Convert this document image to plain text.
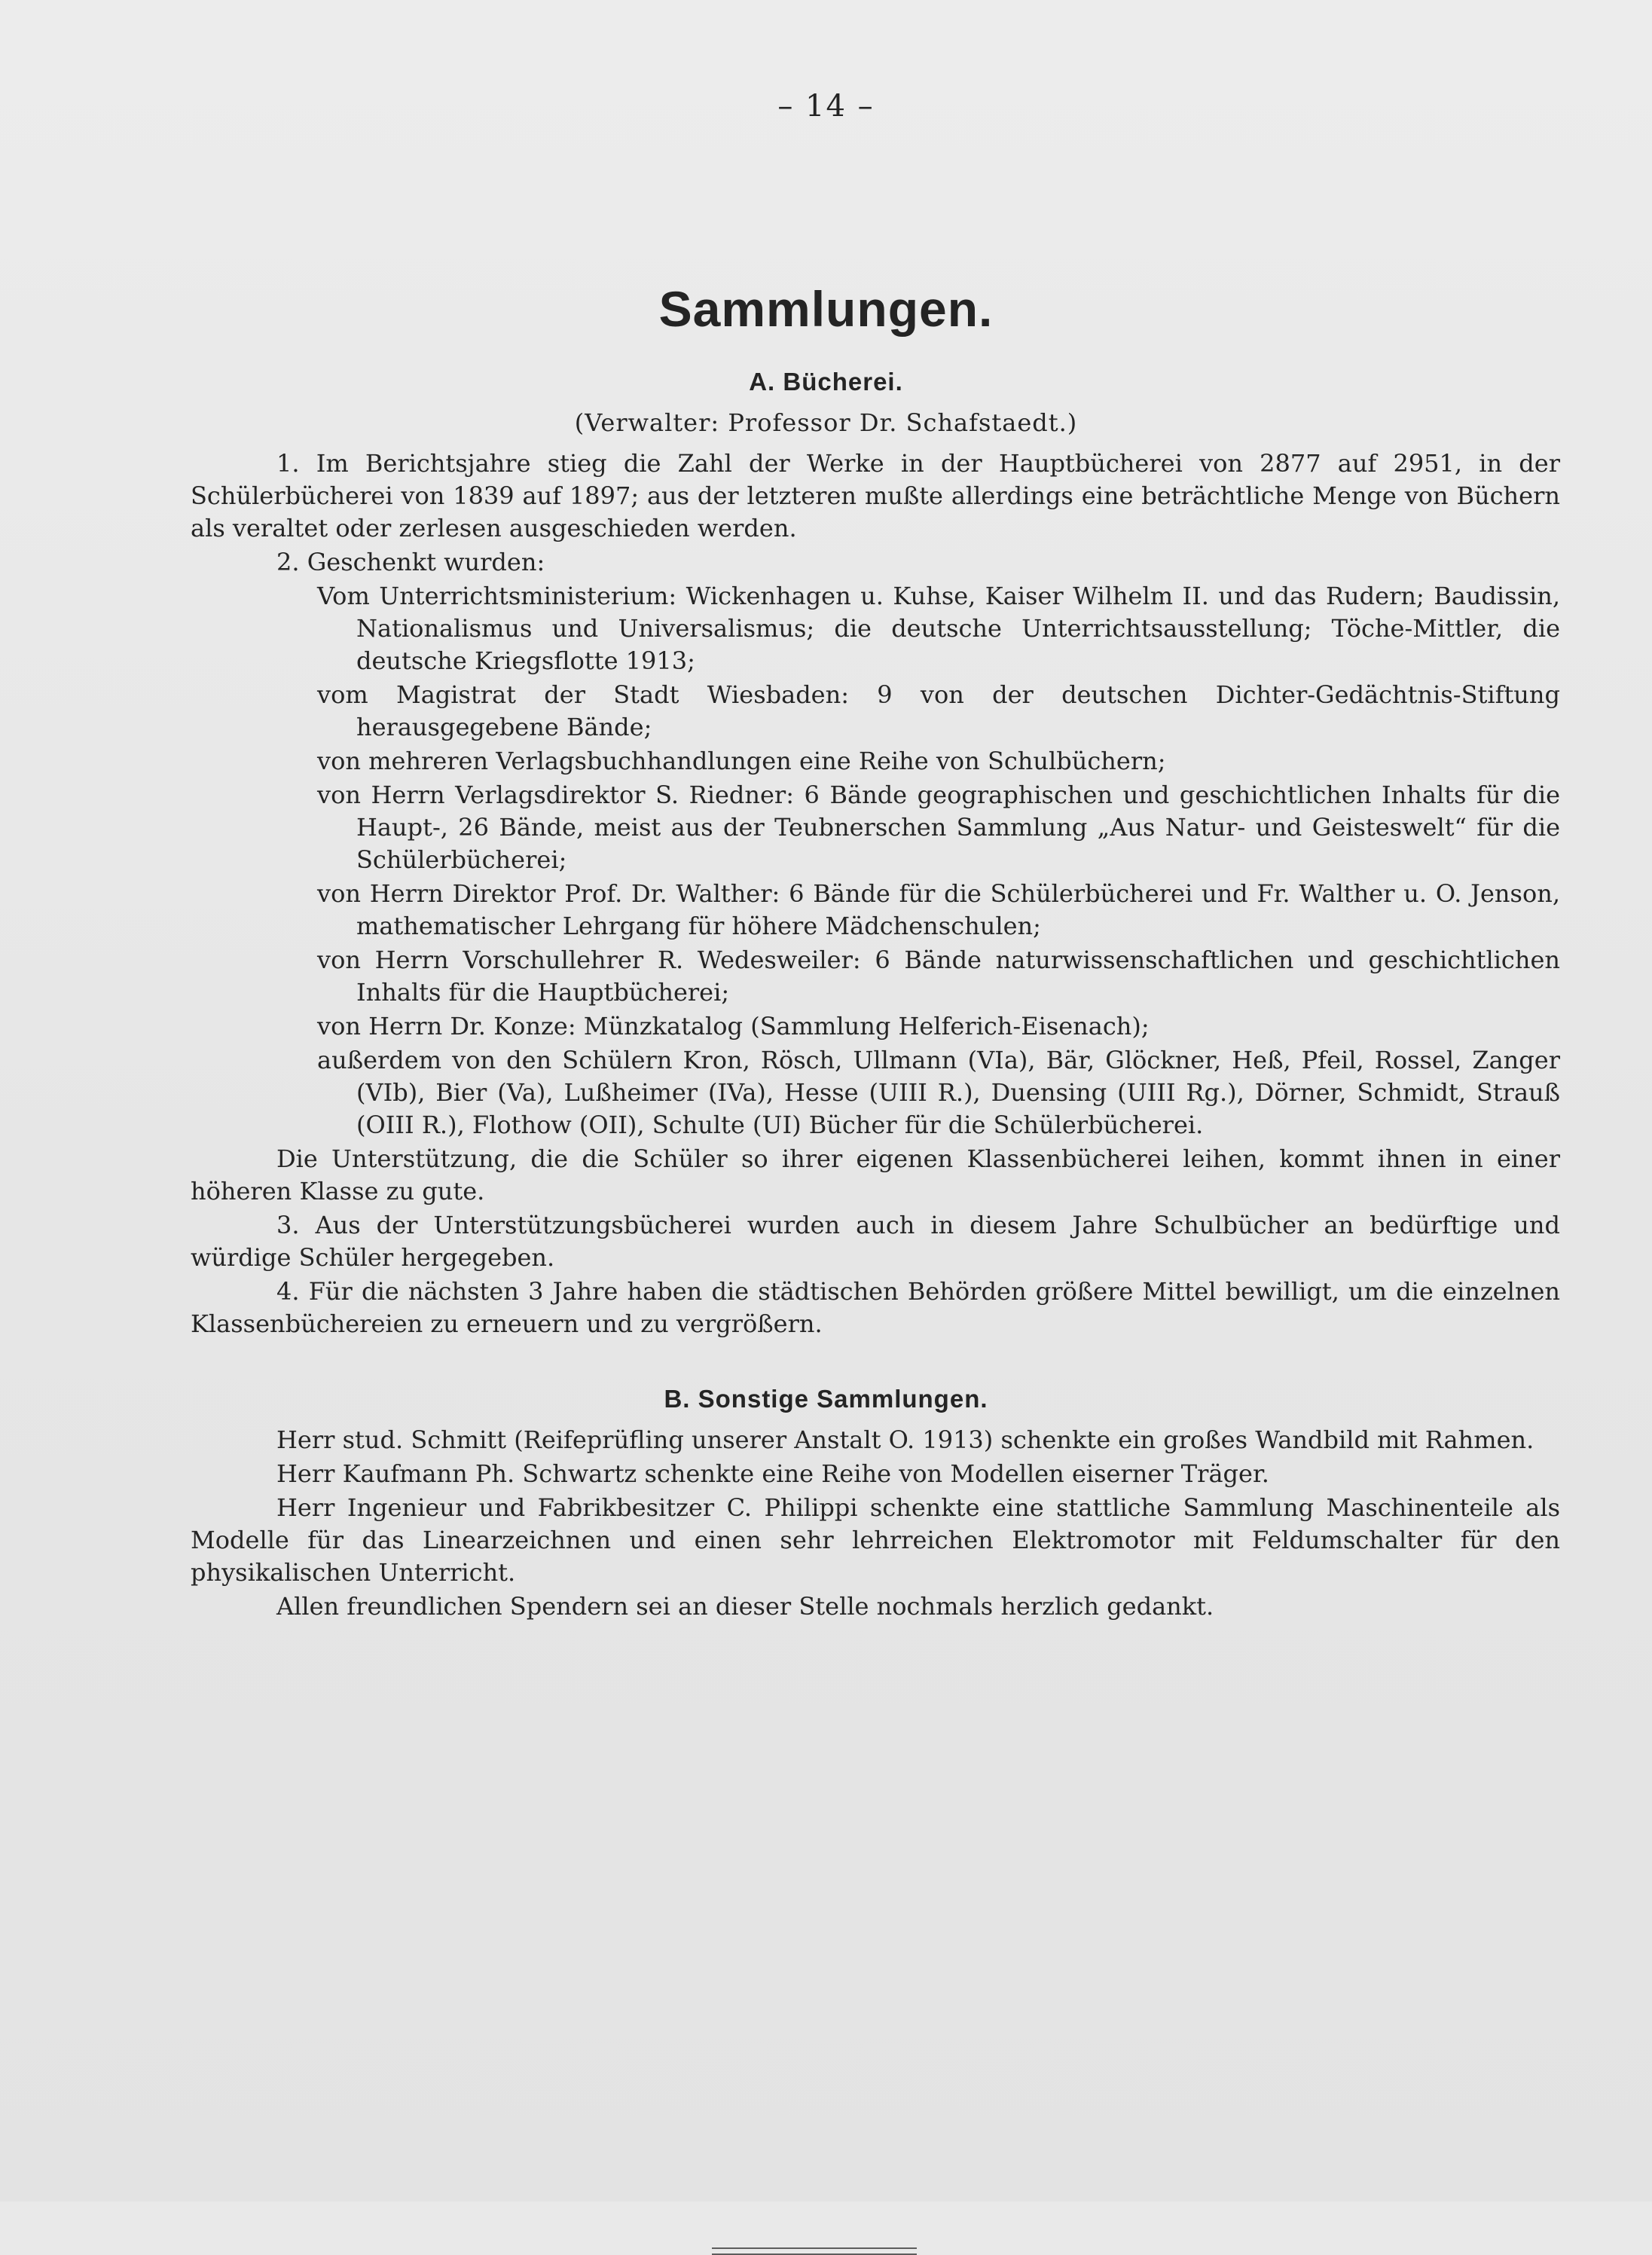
– 14 –
Sammlungen.
A. Bücherei.
(Verwalter: Professor Dr. Schafstaedt.)

1. Im Berichtsjahre stieg die Zahl der Werke in der Hauptbücherei von 2877 auf 2951, in der Schülerbücherei von 1839 auf 1897; aus der letzteren mußte allerdings eine beträchtliche Menge von Büchern als veraltet oder zerlesen ausgeschieden werden.

2. Geschenkt wurden:

Vom Unterrichtsministerium: Wickenhagen u. Kuhse, Kaiser Wilhelm II. und das Rudern; Baudissin, Nationalismus und Universalismus; die deutsche Unterrichtsausstellung; Töche-Mittler, die deutsche Kriegsflotte 1913;

vom Magistrat der Stadt Wiesbaden: 9 von der deutschen Dichter-Gedächtnis-Stiftung herausgegebene Bände;

von mehreren Verlagsbuchhandlungen eine Reihe von Schulbüchern;

von Herrn Verlagsdirektor S. Riedner: 6 Bände geographischen und geschichtlichen Inhalts für die Haupt-, 26 Bände, meist aus der Teubnerschen Sammlung „Aus Natur- und Geisteswelt“ für die Schülerbücherei;

von Herrn Direktor Prof. Dr. Walther: 6 Bände für die Schülerbücherei und Fr. Walther u. O. Jenson, mathematischer Lehrgang für höhere Mädchenschulen;

von Herrn Vorschullehrer R. Wedesweiler: 6 Bände naturwissenschaftlichen und geschichtlichen Inhalts für die Hauptbücherei;

von Herrn Dr. Konze: Münzkatalog (Sammlung Helferich-Eisenach);

außerdem von den Schülern Kron, Rösch, Ullmann (VIa), Bär, Glöckner, Heß, Pfeil, Rossel, Zanger (VIb), Bier (Va), Lußheimer (IVa), Hesse (UIII R.), Duensing (UIII Rg.), Dörner, Schmidt, Strauß (OIII R.), Flothow (OII), Schulte (UI) Bücher für die Schülerbücherei.

Die Unterstützung, die die Schüler so ihrer eigenen Klassenbücherei leihen, kommt ihnen in einer höheren Klasse zu gute.

3. Aus der Unterstützungsbücherei wurden auch in diesem Jahre Schulbücher an bedürftige und würdige Schüler hergegeben.

4. Für die nächsten 3 Jahre haben die städtischen Behörden größere Mittel bewilligt, um die einzelnen Klassenbüchereien zu erneuern und zu vergrößern.

B. Sonstige Sammlungen.

Herr stud. Schmitt (Reifeprüfling unserer Anstalt O. 1913) schenkte ein großes Wandbild mit Rahmen.

Herr Kaufmann Ph. Schwartz schenkte eine Reihe von Modellen eiserner Träger.

Herr Ingenieur und Fabrikbesitzer C. Philippi schenkte eine stattliche Sammlung Maschinenteile als Modelle für das Linearzeichnen und einen sehr lehrreichen Elektromotor mit Feldumschalter für den physikalischen Unterricht.

Allen freundlichen Spendern sei an dieser Stelle nochmals herzlich gedankt.
